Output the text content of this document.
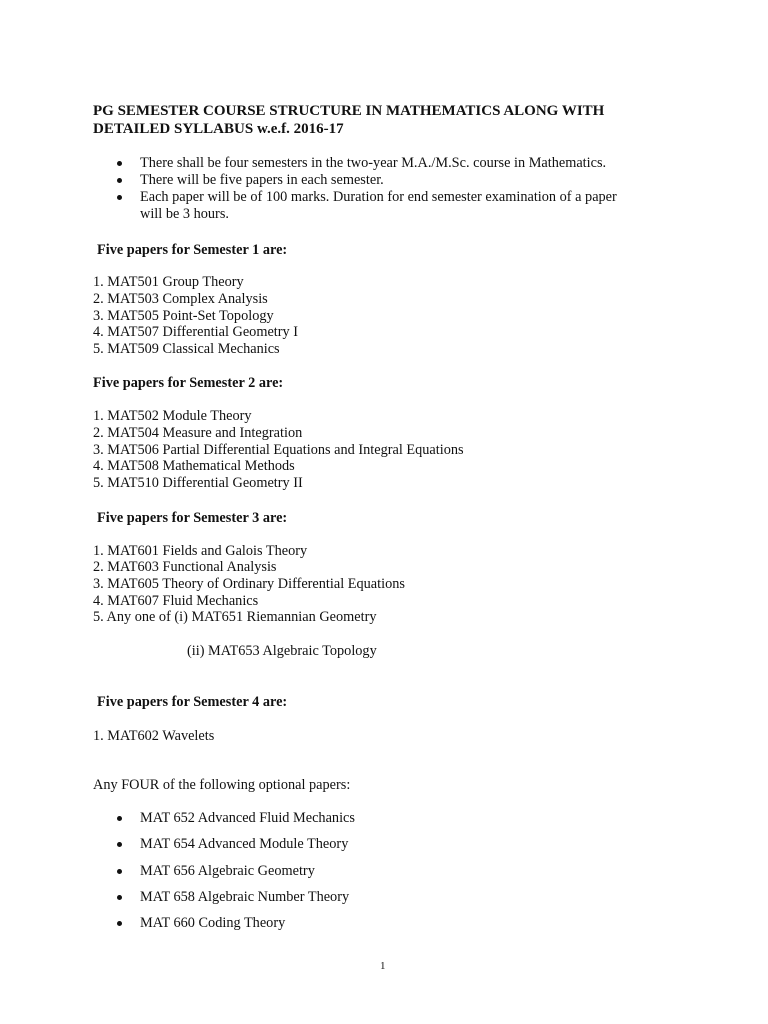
PG SEMESTER COURSE STRUCTURE IN MATHEMATICS ALONG WITH
DETAILED SYLLABUS w.e.f. 2016-17
There shall be four semesters in the two-year M.A./M.Sc. course in Mathematics.
There will be five papers in each semester.
Each paper will be of 100 marks. Duration for end semester examination of a paper
will be 3 hours.
Five papers for Semester 1 are:
1. MAT501 Group Theory
2. MAT503 Complex Analysis
3. MAT505 Point-Set Topology
4. MAT507 Differential Geometry I
5. MAT509 Classical Mechanics
Five papers for Semester 2 are:
1. MAT502 Module Theory
2. MAT504 Measure and Integration
3. MAT506 Partial Differential Equations and Integral Equations
4. MAT508 Mathematical Methods
5. MAT510 Differential Geometry II
Five papers for Semester 3 are:
1. MAT601 Fields and Galois Theory
2. MAT603 Functional Analysis
3. MAT605 Theory of Ordinary Differential Equations
4. MAT607 Fluid Mechanics
5. Any one of (i) MAT651 Riemannian Geometry
(ii) MAT653 Algebraic Topology
Five papers for Semester 4 are:
1. MAT602 Wavelets
Any FOUR of the following optional papers:
MAT 652 Advanced Fluid Mechanics
MAT 654 Advanced Module Theory
MAT 656 Algebraic Geometry
MAT 658 Algebraic Number Theory
MAT 660 Coding Theory
1
